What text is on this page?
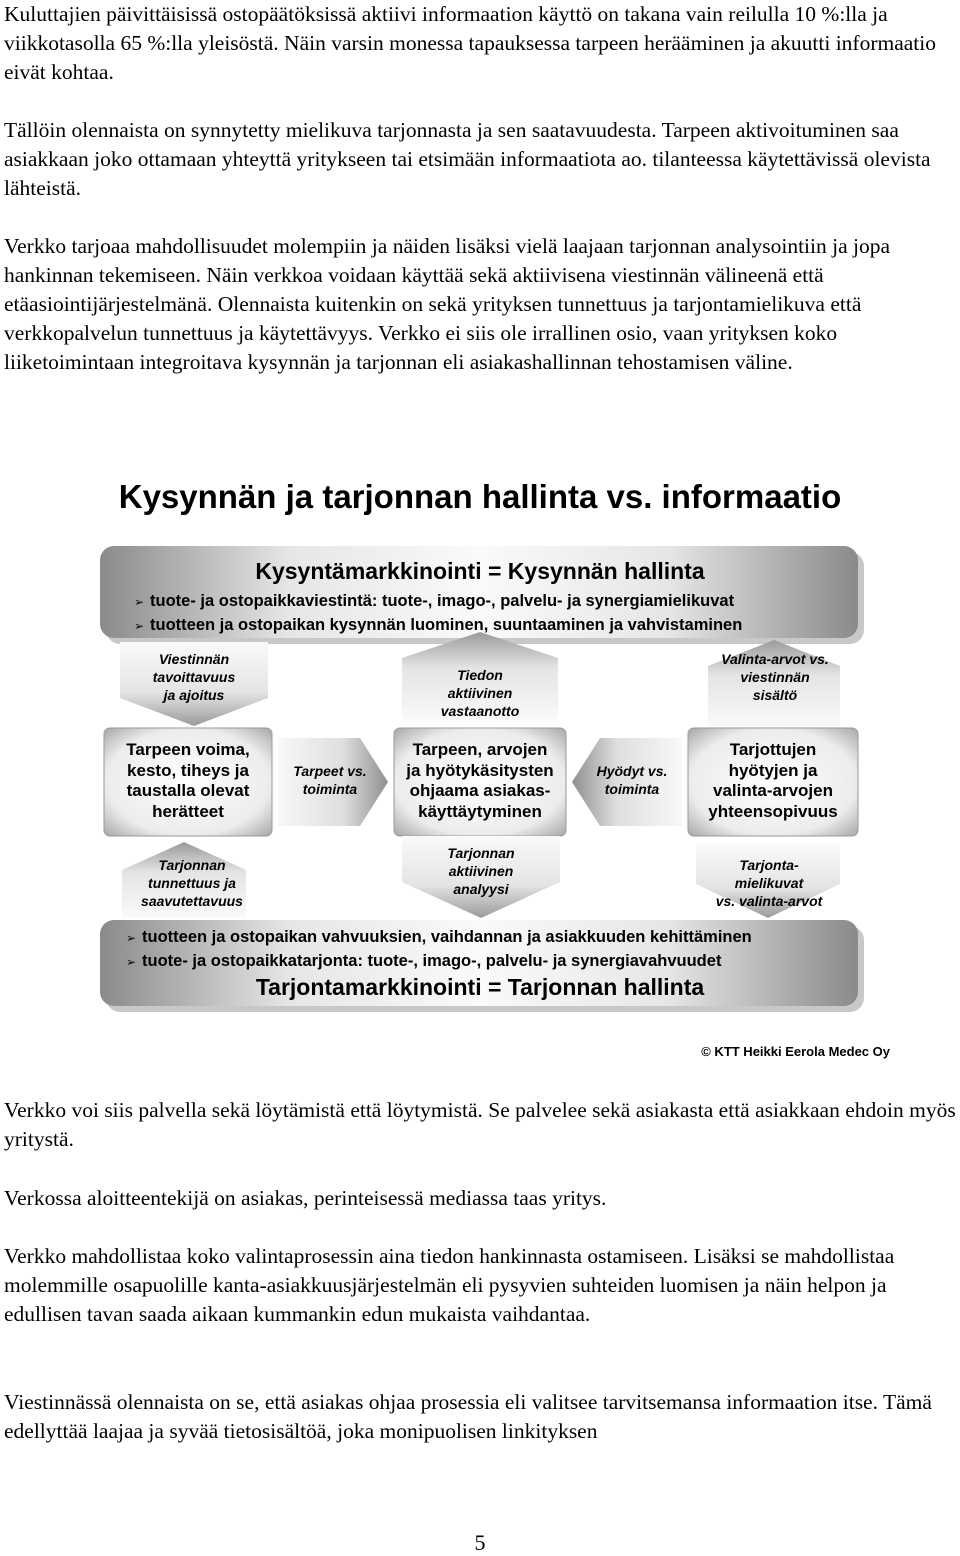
Kuluttajien päivittäisissä ostopäätöksissä aktiivi informaation käyttö on takana vain reilulla 10 %:lla ja viikkotasolla 65 %:lla yleisöstä. Näin varsin monessa tapauksessa tarpeen herääminen ja akuutti informaatio eivät kohtaa.

Tällöin olennaista on synnytetty mielikuva tarjonnasta ja sen saatavuudesta. Tarpeen aktivoituminen saa asiakkaan joko ottamaan yhteyttä yritykseen tai etsimään informaatiota ao. tilanteessa käytettävissä olevista lähteistä.

Verkko tarjoaa mahdollisuudet molempiin ja näiden lisäksi vielä laajaan tarjonnan analysointiin ja jopa hankinnan tekemiseen. Näin verkkoa voidaan käyttää sekä aktiivisena viestinnän välineenä että etäasiointijärjestelmänä. Olennaista kuitenkin on sekä yrityksen tunnettuus ja tarjontamielikuva että verkkopalvelun tunnettuus ja käytettävyys. Verkko ei siis ole irrallinen osio, vaan yrityksen koko liiketoimintaan integroitava kysynnän ja tarjonnan eli asiakashallinnan tehostamisen väline.

Kysynnän ja tarjonnan hallinta vs. informaatio
Kysyntämarkkinointi = Kysynnän hallinta
➢ tuote- ja ostopaikkaviestintä: tuote-, imago-, palvelu- ja synergiamielikuvat
➢ tuotteen ja ostopaikan kysynnän luominen, suuntaaminen ja vahvistaminen
Viestinnän
tavoittavuus
ja ajoitus
Tiedon
aktiivinen
vastaanotto
Valinta-arvot vs.
viestinnän
sisältö
Tarpeen voima,
kesto, tiheys ja
taustalla olevat
herätteet
Tarpeet vs.
toiminta
Tarpeen, arvojen
ja hyötykäsitysten
ohjaama asiakas-
käyttäytyminen
Hyödyt vs.
toiminta
Tarjottujen
hyötyjen ja
valinta-arvojen
yhteensopivuus
Tarjonnan
tunnettuus ja
saavutettavuus
Tarjonnan
aktiivinen
analyysi
Tarjonta-
mielikuvat
vs. valinta-arvot
➢ tuotteen ja ostopaikan vahvuuksien, vaihdannan ja asiakkuuden kehittäminen
➢ tuote- ja ostopaikkatarjonta: tuote-, imago-, palvelu- ja synergiavahvuudet
Tarjontamarkkinointi = Tarjonnan hallinta
© KTT Heikki Eerola Medec Oy

Verkko voi siis palvella sekä löytämistä että löytymistä. Se palvelee sekä asiakasta että asiakkaan ehdoin myös yritystä.

Verkossa aloitteentekijä on asiakas, perinteisessä mediassa taas yritys.

Verkko mahdollistaa koko valintaprosessin aina tiedon hankinnasta ostamiseen. Lisäksi se mahdollistaa molemmille osapuolille kanta-asiakkuusjärjestelmän eli pysyvien suhteiden luomisen ja näin helpon ja edullisen tavan saada aikaan kummankin edun mukaista vaihdantaa.

Viestinnässä olennaista on se, että asiakas ohjaa prosessia eli valitsee tarvitsemansa informaation itse. Tämä edellyttää laajaa ja syvää tietosisältöä, joka monipuolisen linkityksen

5
